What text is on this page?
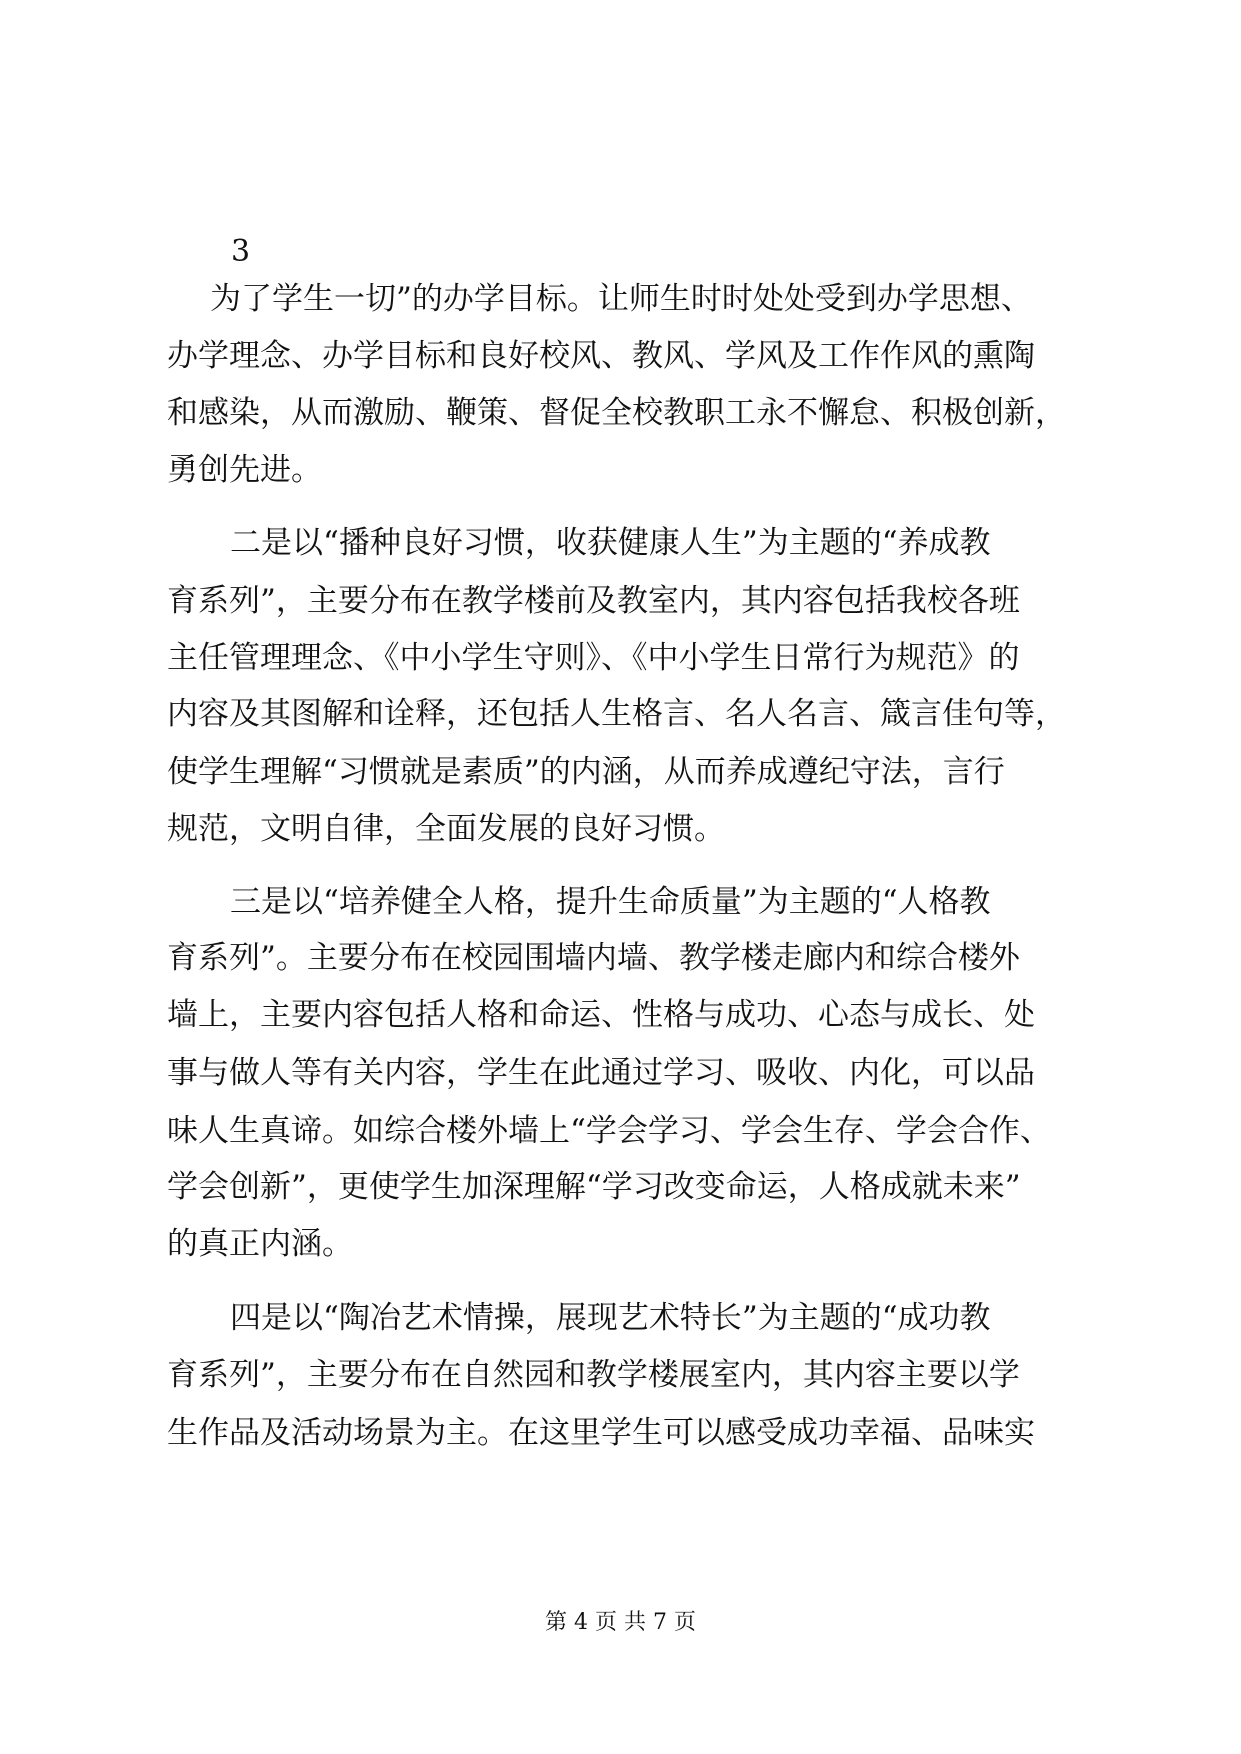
3

为了学生一切”的办学目标。让师生时时处处受到办学思想、

办学理念、办学目标和良好校风、教风、学风及工作作风的熏陶

和感染，从而激励、鞭策、督促全校教职工永不懈怠、积极创新，

勇创先进。

二是以“播种良好习惯，收获健康人生”为主题的“养成教

育系列”，主要分布在教学楼前及教室内，其内容包括我校各班

主任管理理念、《中小学生守则》、《中小学生日常行为规范》的

内容及其图解和诠释，还包括人生格言、名人名言、箴言佳句等，

使学生理解“习惯就是素质”的内涵，从而养成遵纪守法，言行

规范，文明自律，全面发展的良好习惯。

三是以“培养健全人格，提升生命质量”为主题的“人格教

育系列”。主要分布在校园围墙内墙、教学楼走廊内和综合楼外

墙上，主要内容包括人格和命运、性格与成功、心态与成长、处

事与做人等有关内容，学生在此通过学习、吸收、内化，可以品

味人生真谛。如综合楼外墙上“学会学习、学会生存、学会合作、

学会创新”，更使学生加深理解“学习改变命运，人格成就未来”

的真正内涵。

四是以“陶冶艺术情操，展现艺术特长”为主题的“成功教

育系列”，主要分布在自然园和教学楼展室内，其内容主要以学

生作品及活动场景为主。在这里学生可以感受成功幸福、品味实

第 4 页 共 7 页
